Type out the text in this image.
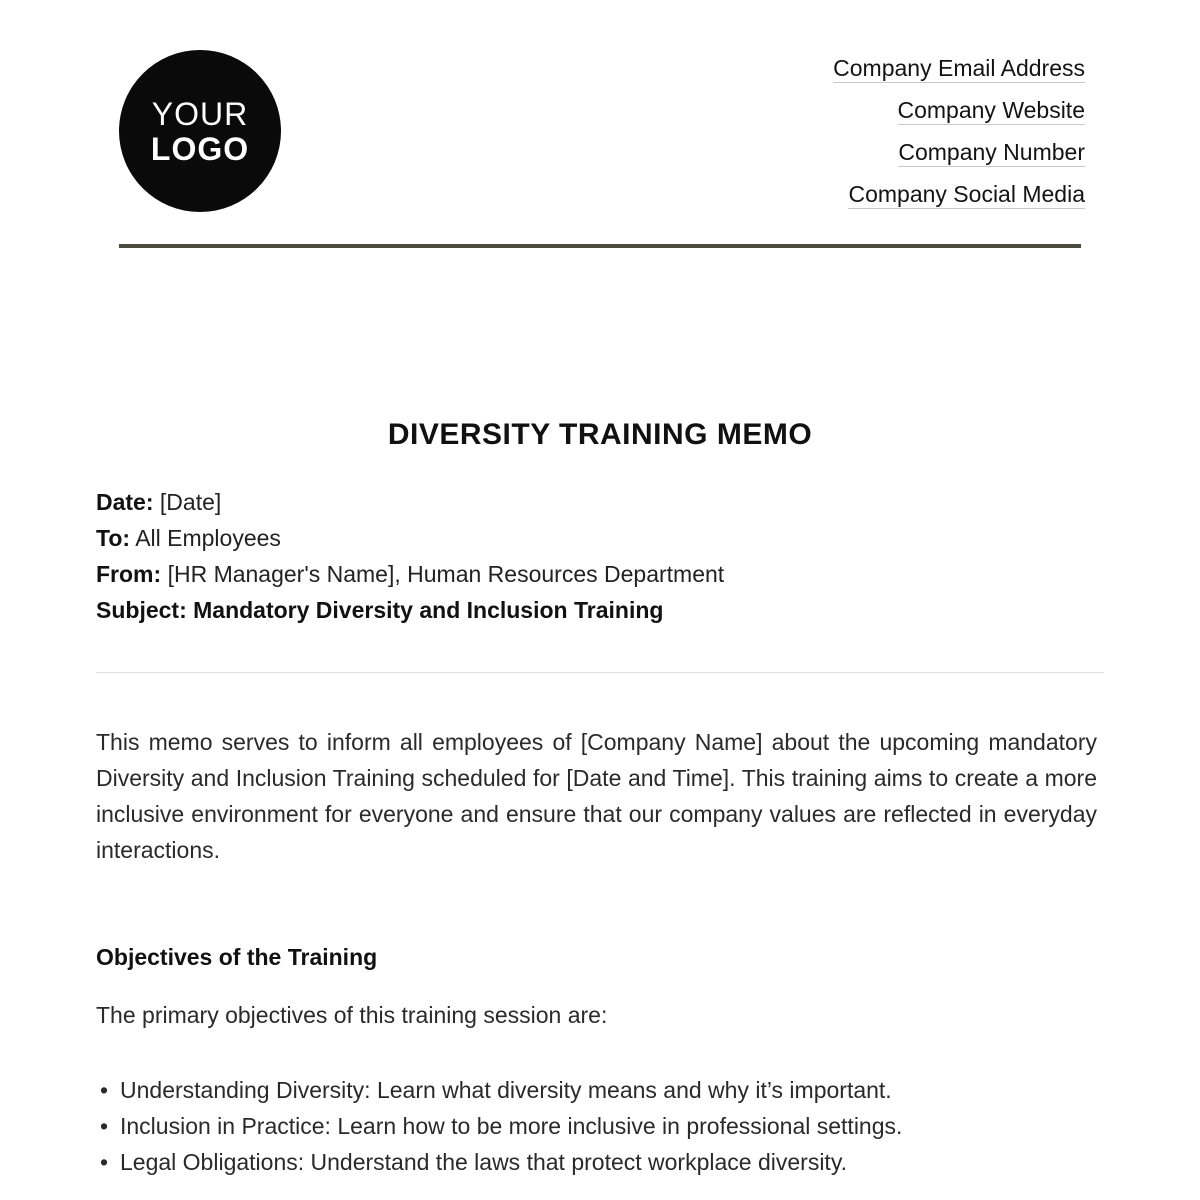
YOUR
LOGO
Company Email Address
Company Website
Company Number
Company Social Media
DIVERSITY TRAINING MEMO
Date: [Date]
To: All Employees
From: [HR Manager's Name], Human Resources Department
Subject: Mandatory Diversity and Inclusion Training

This memo serves to inform all employees of [Company Name] about the upcoming mandatory Diversity and Inclusion Training scheduled for [Date and Time]. This training aims to create a more inclusive environment for everyone and ensure that our company values are reflected in everyday interactions.

Objectives of the Training

The primary objectives of this training session are:

• Understanding Diversity: Learn what diversity means and why it’s important.
• Inclusion in Practice: Learn how to be more inclusive in professional settings.
• Legal Obligations: Understand the laws that protect workplace diversity.
